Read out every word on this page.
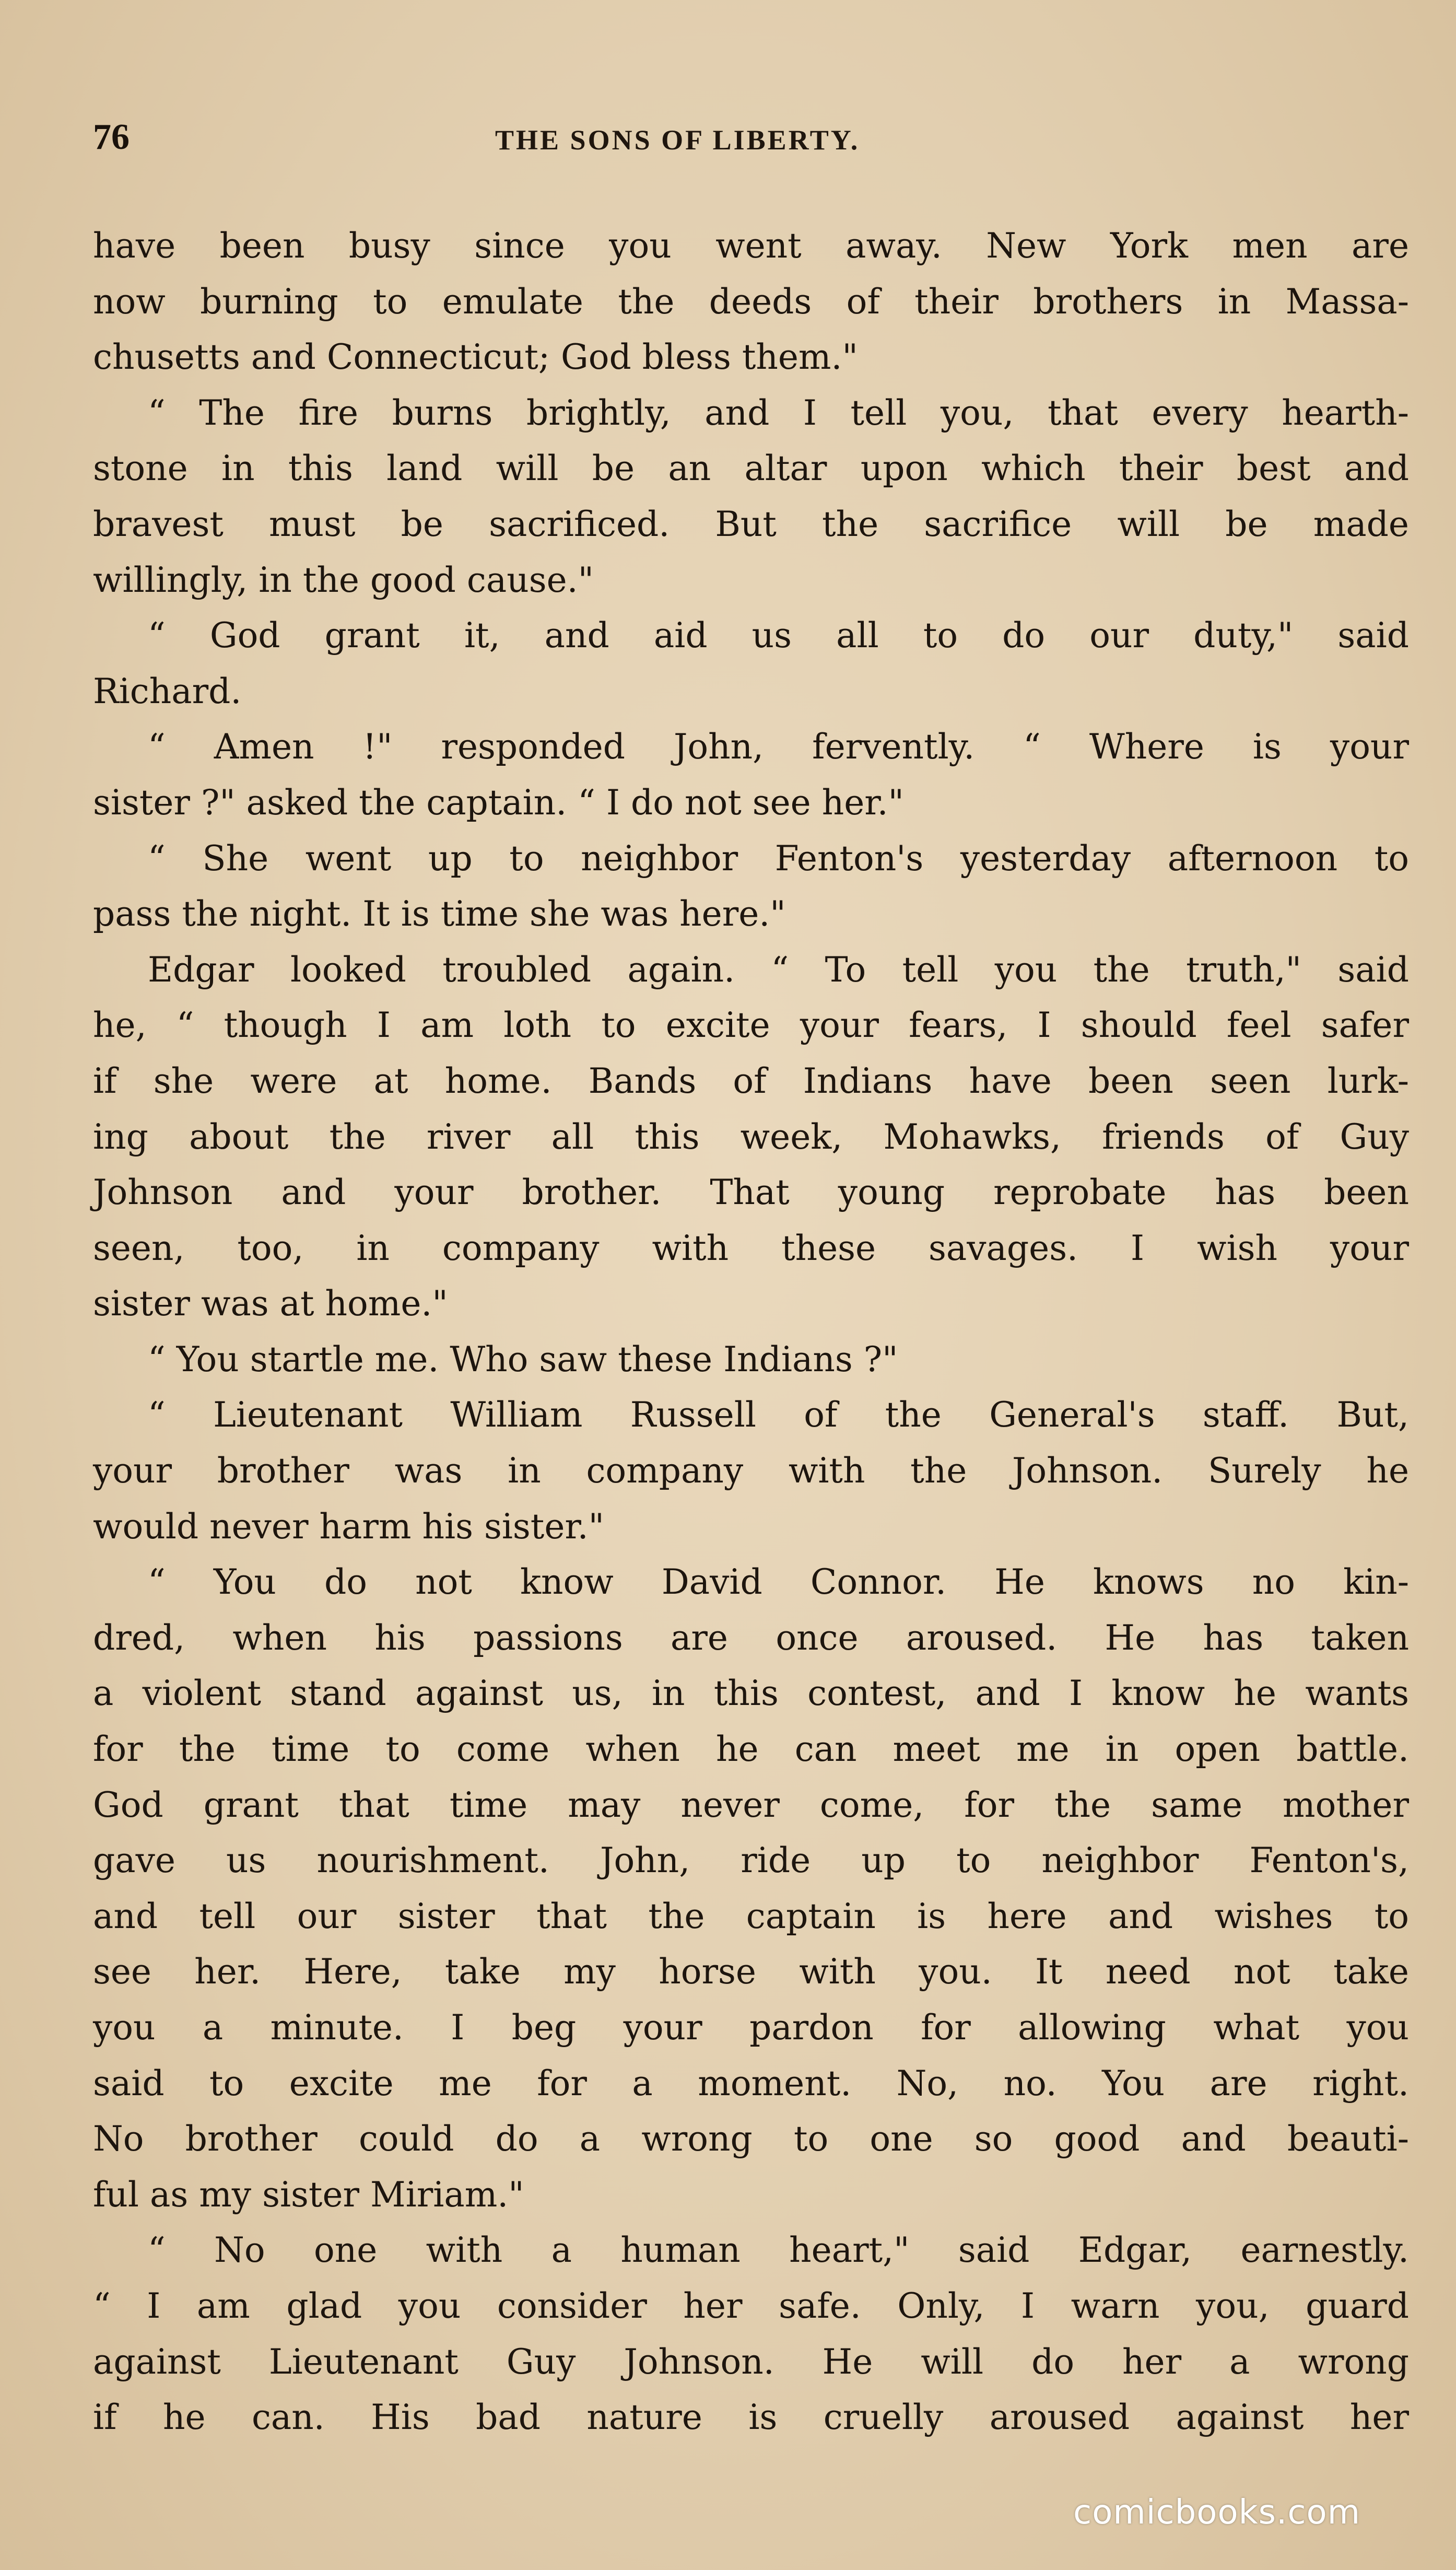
76	THE SONS OF LIBERTY.
have been busy since you went away. New York men are
now burning to emulate the deeds of their brothers in Massa-
chusetts and Connecticut; God bless them."
“ The fire burns brightly, and I tell you, that every hearth-
stone in this land will be an altar upon which their best and
bravest must be sacrificed. But the sacrifice will be made
willingly, in the good cause."
“ God grant it, and aid us all to do our duty," said
Richard.
“ Amen !" responded John, fervently. “ Where is your
sister ?" asked the captain. “ I do not see her."
“ She went up to neighbor Fenton's yesterday afternoon to
pass the night. It is time she was here."
Edgar looked troubled again. “ To tell you the truth," said
he, “ though I am loth to excite your fears, I should feel safer
if she were at home. Bands of Indians have been seen lurk-
ing about the river all this week, Mohawks, friends of Guy
Johnson and your brother. That young reprobate has been
seen, too, in company with these savages. I wish your
sister was at home."
“ You startle me. Who saw these Indians ?"
“ Lieutenant William Russell of the General's staff. But,
your brother was in company with the Johnson. Surely he
would never harm his sister."
“ You do not know David Connor. He knows no kin-
dred, when his passions are once aroused. He has taken
a violent stand against us, in this contest, and I know he wants
for the time to come when he can meet me in open battle.
God grant that time may never come, for the same mother
gave us nourishment. John, ride up to neighbor Fenton's,
and tell our sister that the captain is here and wishes to
see her. Here, take my horse with you. It need not take
you a minute. I beg your pardon for allowing what you
said to excite me for a moment. No, no. You are right.
No brother could do a wrong to one so good and beauti-
ful as my sister Miriam."
“ No one with a human heart," said Edgar, earnestly.
“ I am glad you consider her safe. Only, I warn you, guard
against Lieutenant Guy Johnson. He will do her a wrong
if he can. His bad nature is cruelly aroused against her
comicbooks.com
